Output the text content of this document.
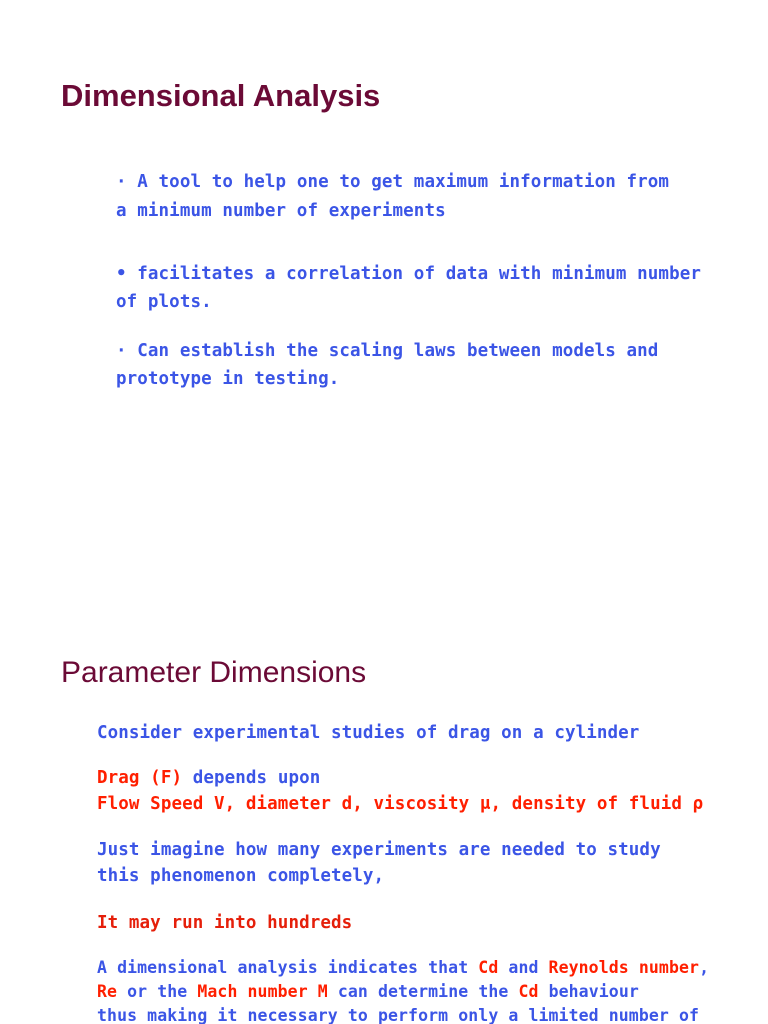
Dimensional Analysis
· A tool to help one to get maximum information from
a minimum number of experiments
• facilitates a correlation of data with minimum number
of plots.
· Can establish the scaling laws between models and
prototype in testing.
Parameter Dimensions
Consider experimental studies of drag on a cylinder
Drag (F) depends upon
Flow Speed V, diameter d, viscosity μ, density of fluid ρ
Just imagine how many experiments are needed to study
this phenomenon completely,
It may run into hundreds
A dimensional analysis indicates that Cd and Reynolds number,
Re or the Mach number M can determine the Cd behaviour
thus making it necessary to perform only a limited number of
